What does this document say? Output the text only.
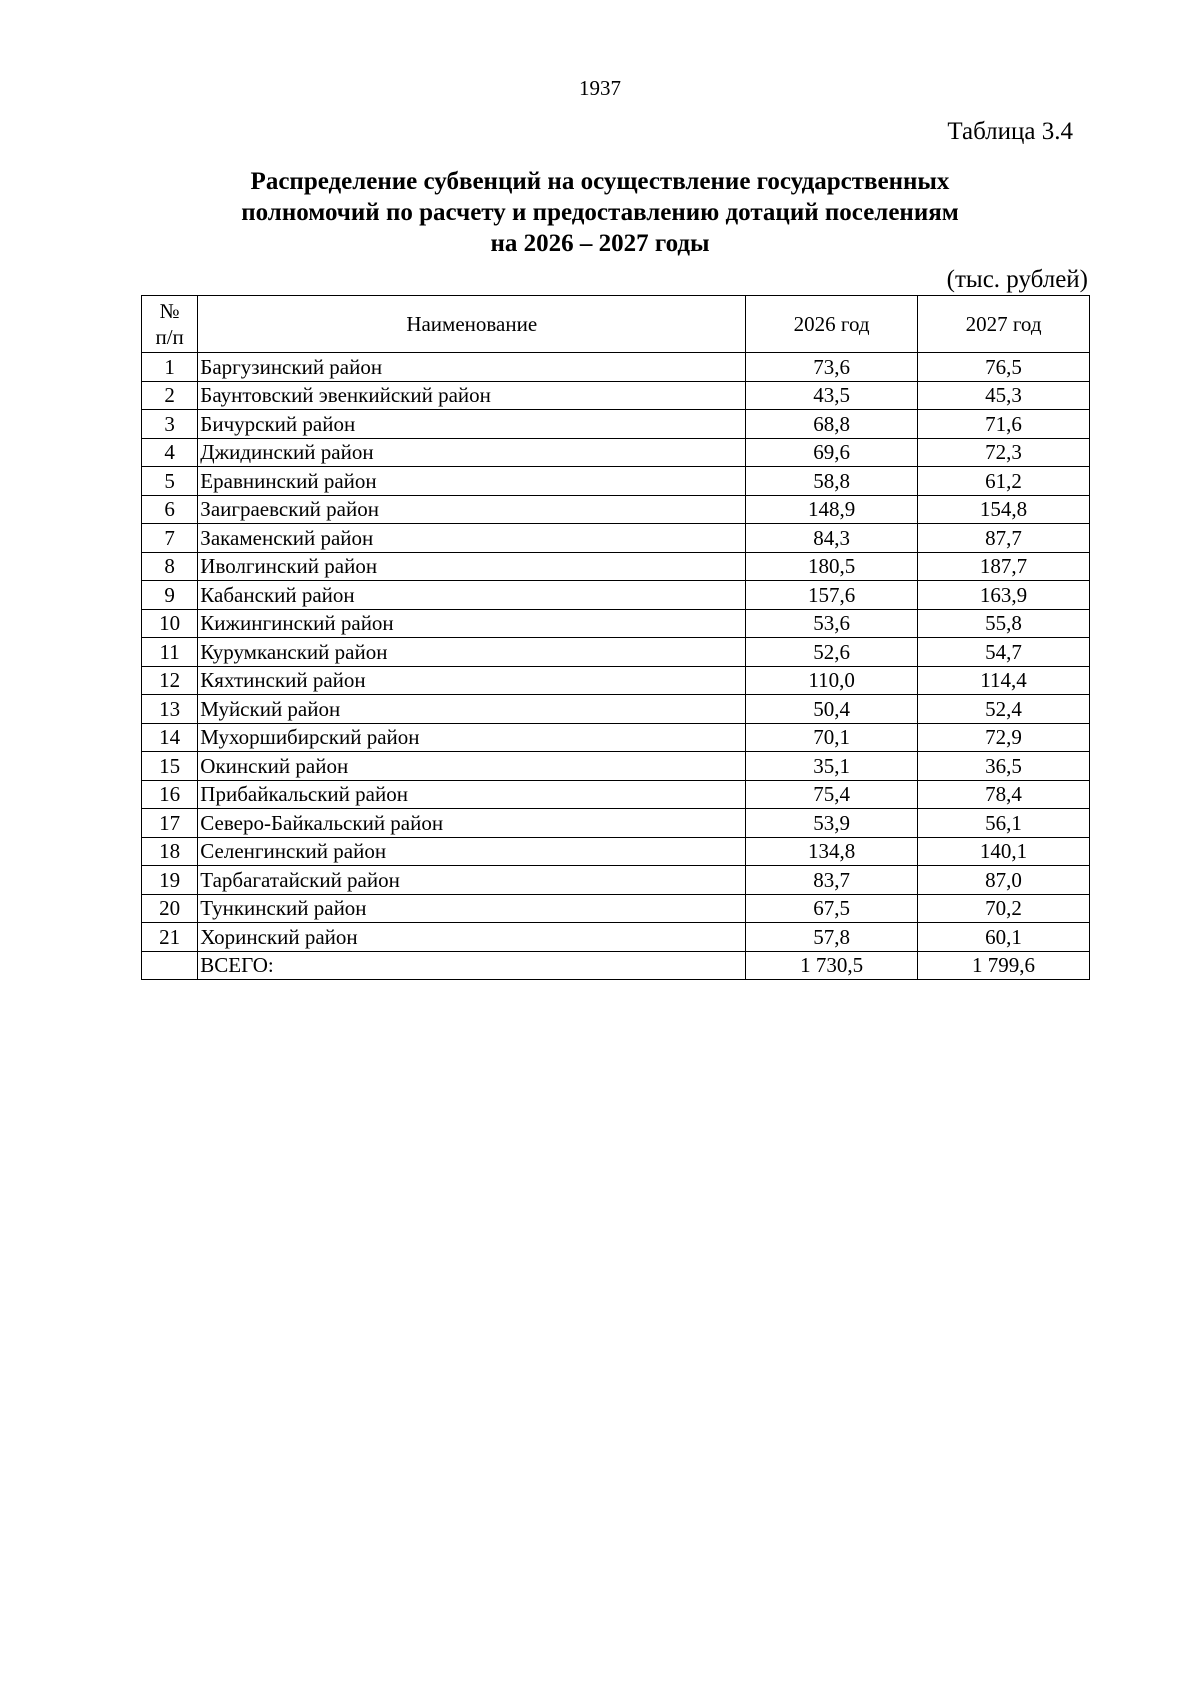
1937
Таблица 3.4
Распределение субвенций на осуществление государственных
полномочий по расчету и предоставлению дотаций поселениям
на 2026 – 2027 годы
(тыс. рублей)
№
п/п	Наименование	2026 год	2027 год
1	Баргузинский район	73,6	76,5
2	Баунтовский эвенкийский район	43,5	45,3
3	Бичурский район	68,8	71,6
4	Джидинский район	69,6	72,3
5	Еравнинский район	58,8	61,2
6	Заиграевский район	148,9	154,8
7	Закаменский район	84,3	87,7
8	Иволгинский район	180,5	187,7
9	Кабанский район	157,6	163,9
10	Кижингинский район	53,6	55,8
11	Курумканский район	52,6	54,7
12	Кяхтинский район	110,0	114,4
13	Муйский район	50,4	52,4
14	Мухоршибирский район	70,1	72,9
15	Окинский район	35,1	36,5
16	Прибайкальский район	75,4	78,4
17	Северо-Байкальский район	53,9	56,1
18	Селенгинский район	134,8	140,1
19	Тарбагатайский район	83,7	87,0
20	Тункинский район	67,5	70,2
21	Хоринский район	57,8	60,1
	ВСЕГО:	1 730,5	1 799,6
